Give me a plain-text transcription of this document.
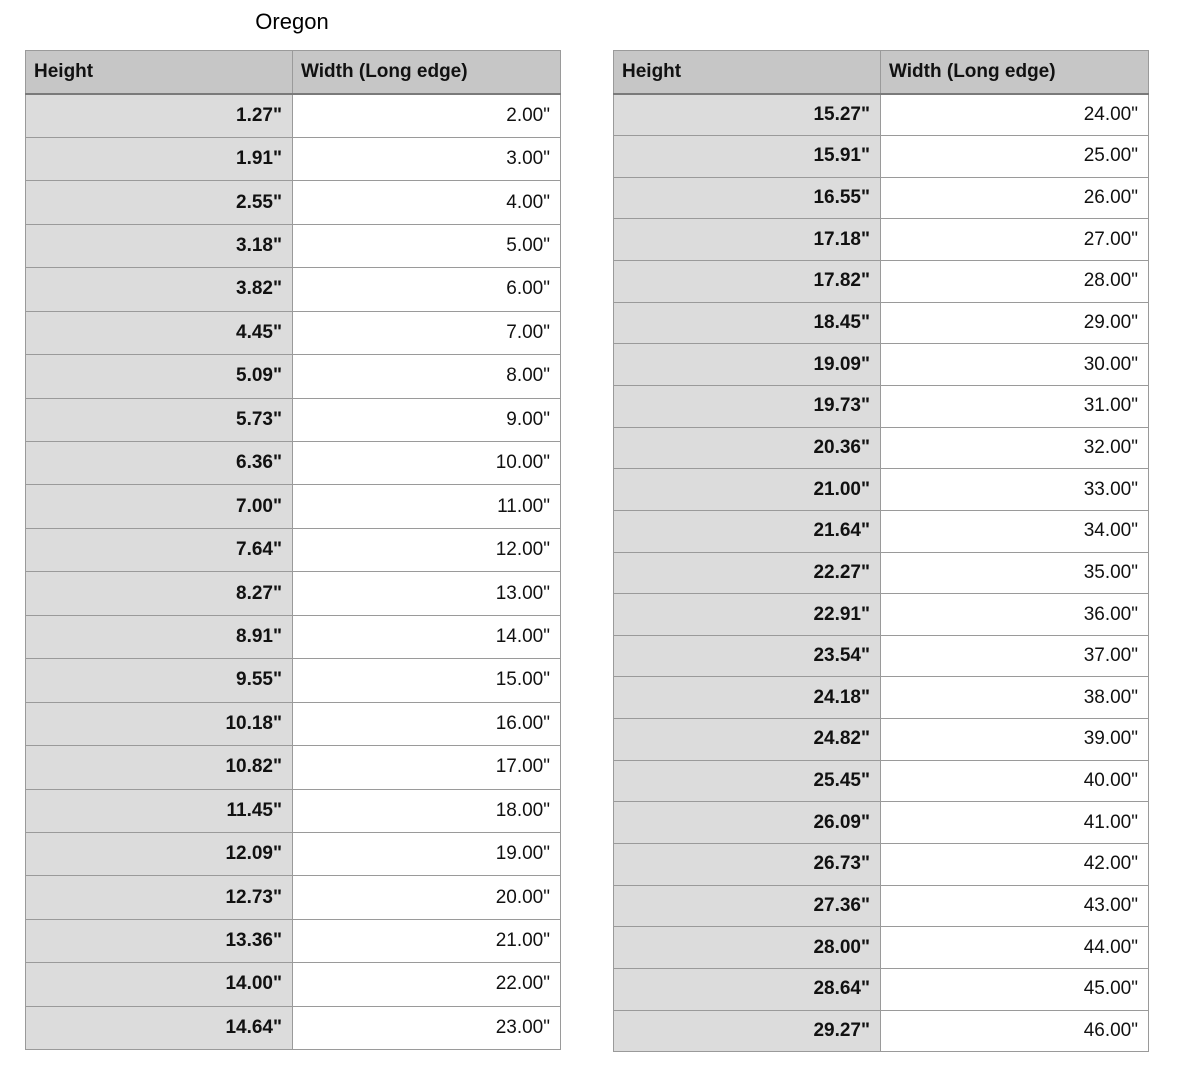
Oregon
Height	Width (Long edge)
1.27"	2.00"
1.91"	3.00"
2.55"	4.00"
3.18"	5.00"
3.82"	6.00"
4.45"	7.00"
5.09"	8.00"
5.73"	9.00"
6.36"	10.00"
7.00"	11.00"
7.64"	12.00"
8.27"	13.00"
8.91"	14.00"
9.55"	15.00"
10.18"	16.00"
10.82"	17.00"
11.45"	18.00"
12.09"	19.00"
12.73"	20.00"
13.36"	21.00"
14.00"	22.00"
14.64"	23.00"
Height	Width (Long edge)
15.27"	24.00"
15.91"	25.00"
16.55"	26.00"
17.18"	27.00"
17.82"	28.00"
18.45"	29.00"
19.09"	30.00"
19.73"	31.00"
20.36"	32.00"
21.00"	33.00"
21.64"	34.00"
22.27"	35.00"
22.91"	36.00"
23.54"	37.00"
24.18"	38.00"
24.82"	39.00"
25.45"	40.00"
26.09"	41.00"
26.73"	42.00"
27.36"	43.00"
28.00"	44.00"
28.64"	45.00"
29.27"	46.00"
